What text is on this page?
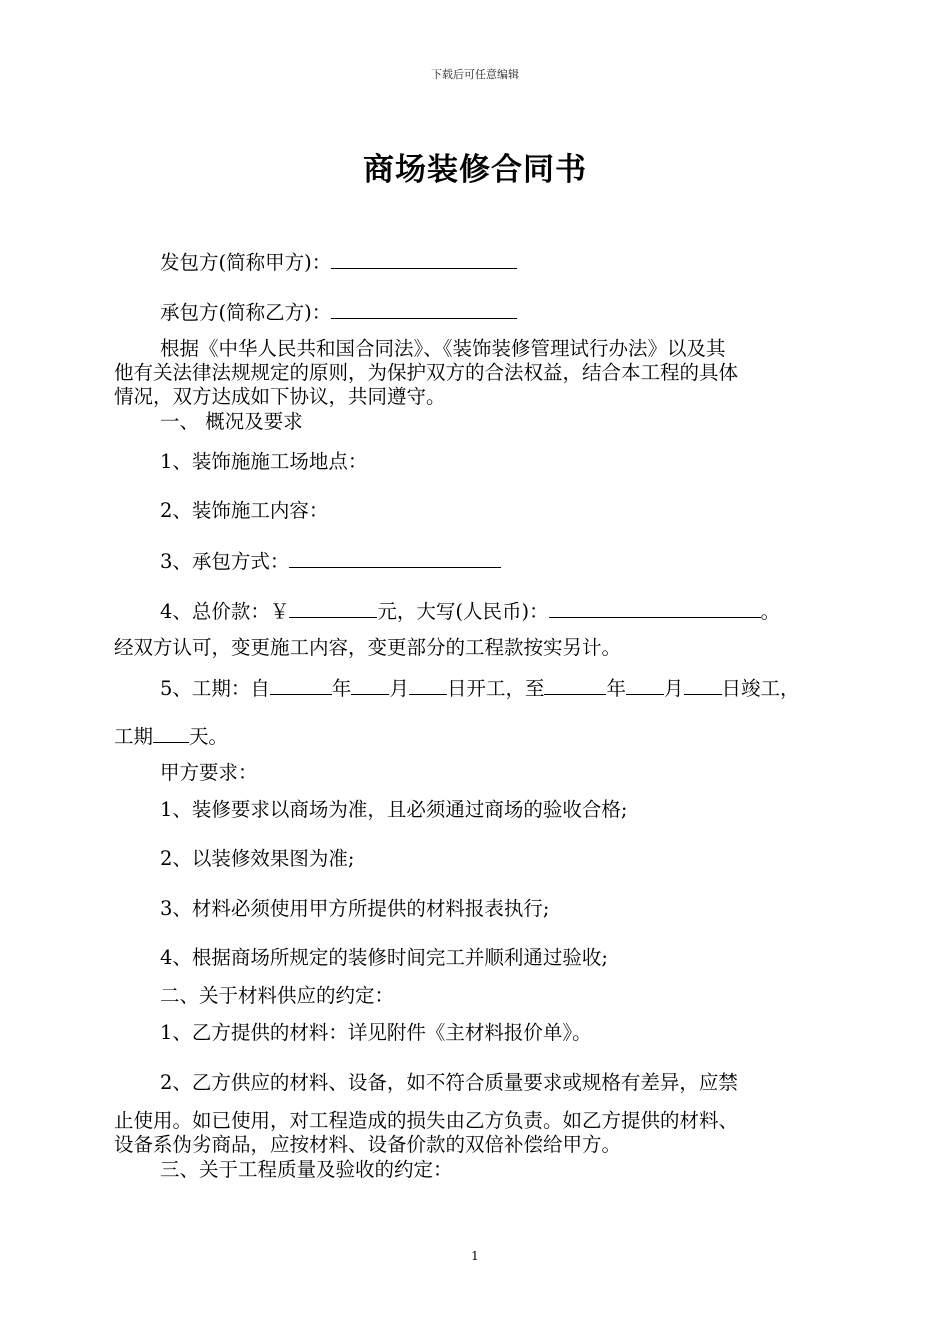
下载后可任意编辑
商场装修合同书
发包方(简称甲方)：
承包方(简称乙方)：
根据《中华人民共和国合同法》、《装饰装修管理试行办法》以及其
他有关法律法规规定的原则，为保护双方的合法权益，结合本工程的具体
情况，双方达成如下协议，共同遵守。
一、 概况及要求
1、装饰施施工场地点：
2、装饰施工内容：
3、承包方式：
4、总价款：￥	元，大写(人民币)：	。
经双方认可，变更施工内容，变更部分的工程款按实另计。
5、工期：自	年 月 日开工，至	年 月 日竣工，
工期 天。
甲方要求：
1、装修要求以商场为准，且必须通过商场的验收合格;
2、以装修效果图为准;
3、材料必须使用甲方所提供的材料报表执行;
4、根据商场所规定的装修时间完工并顺利通过验收;
二、关于材料供应的约定：
1、乙方提供的材料：详见附件《主材料报价单》。
2、乙方供应的材料、设备，如不符合质量要求或规格有差异，应禁
止使用。如已使用，对工程造成的损失由乙方负责。如乙方提供的材料、
设备系伪劣商品，应按材料、设备价款的双倍补偿给甲方。
三、关于工程质量及验收的约定：
1
